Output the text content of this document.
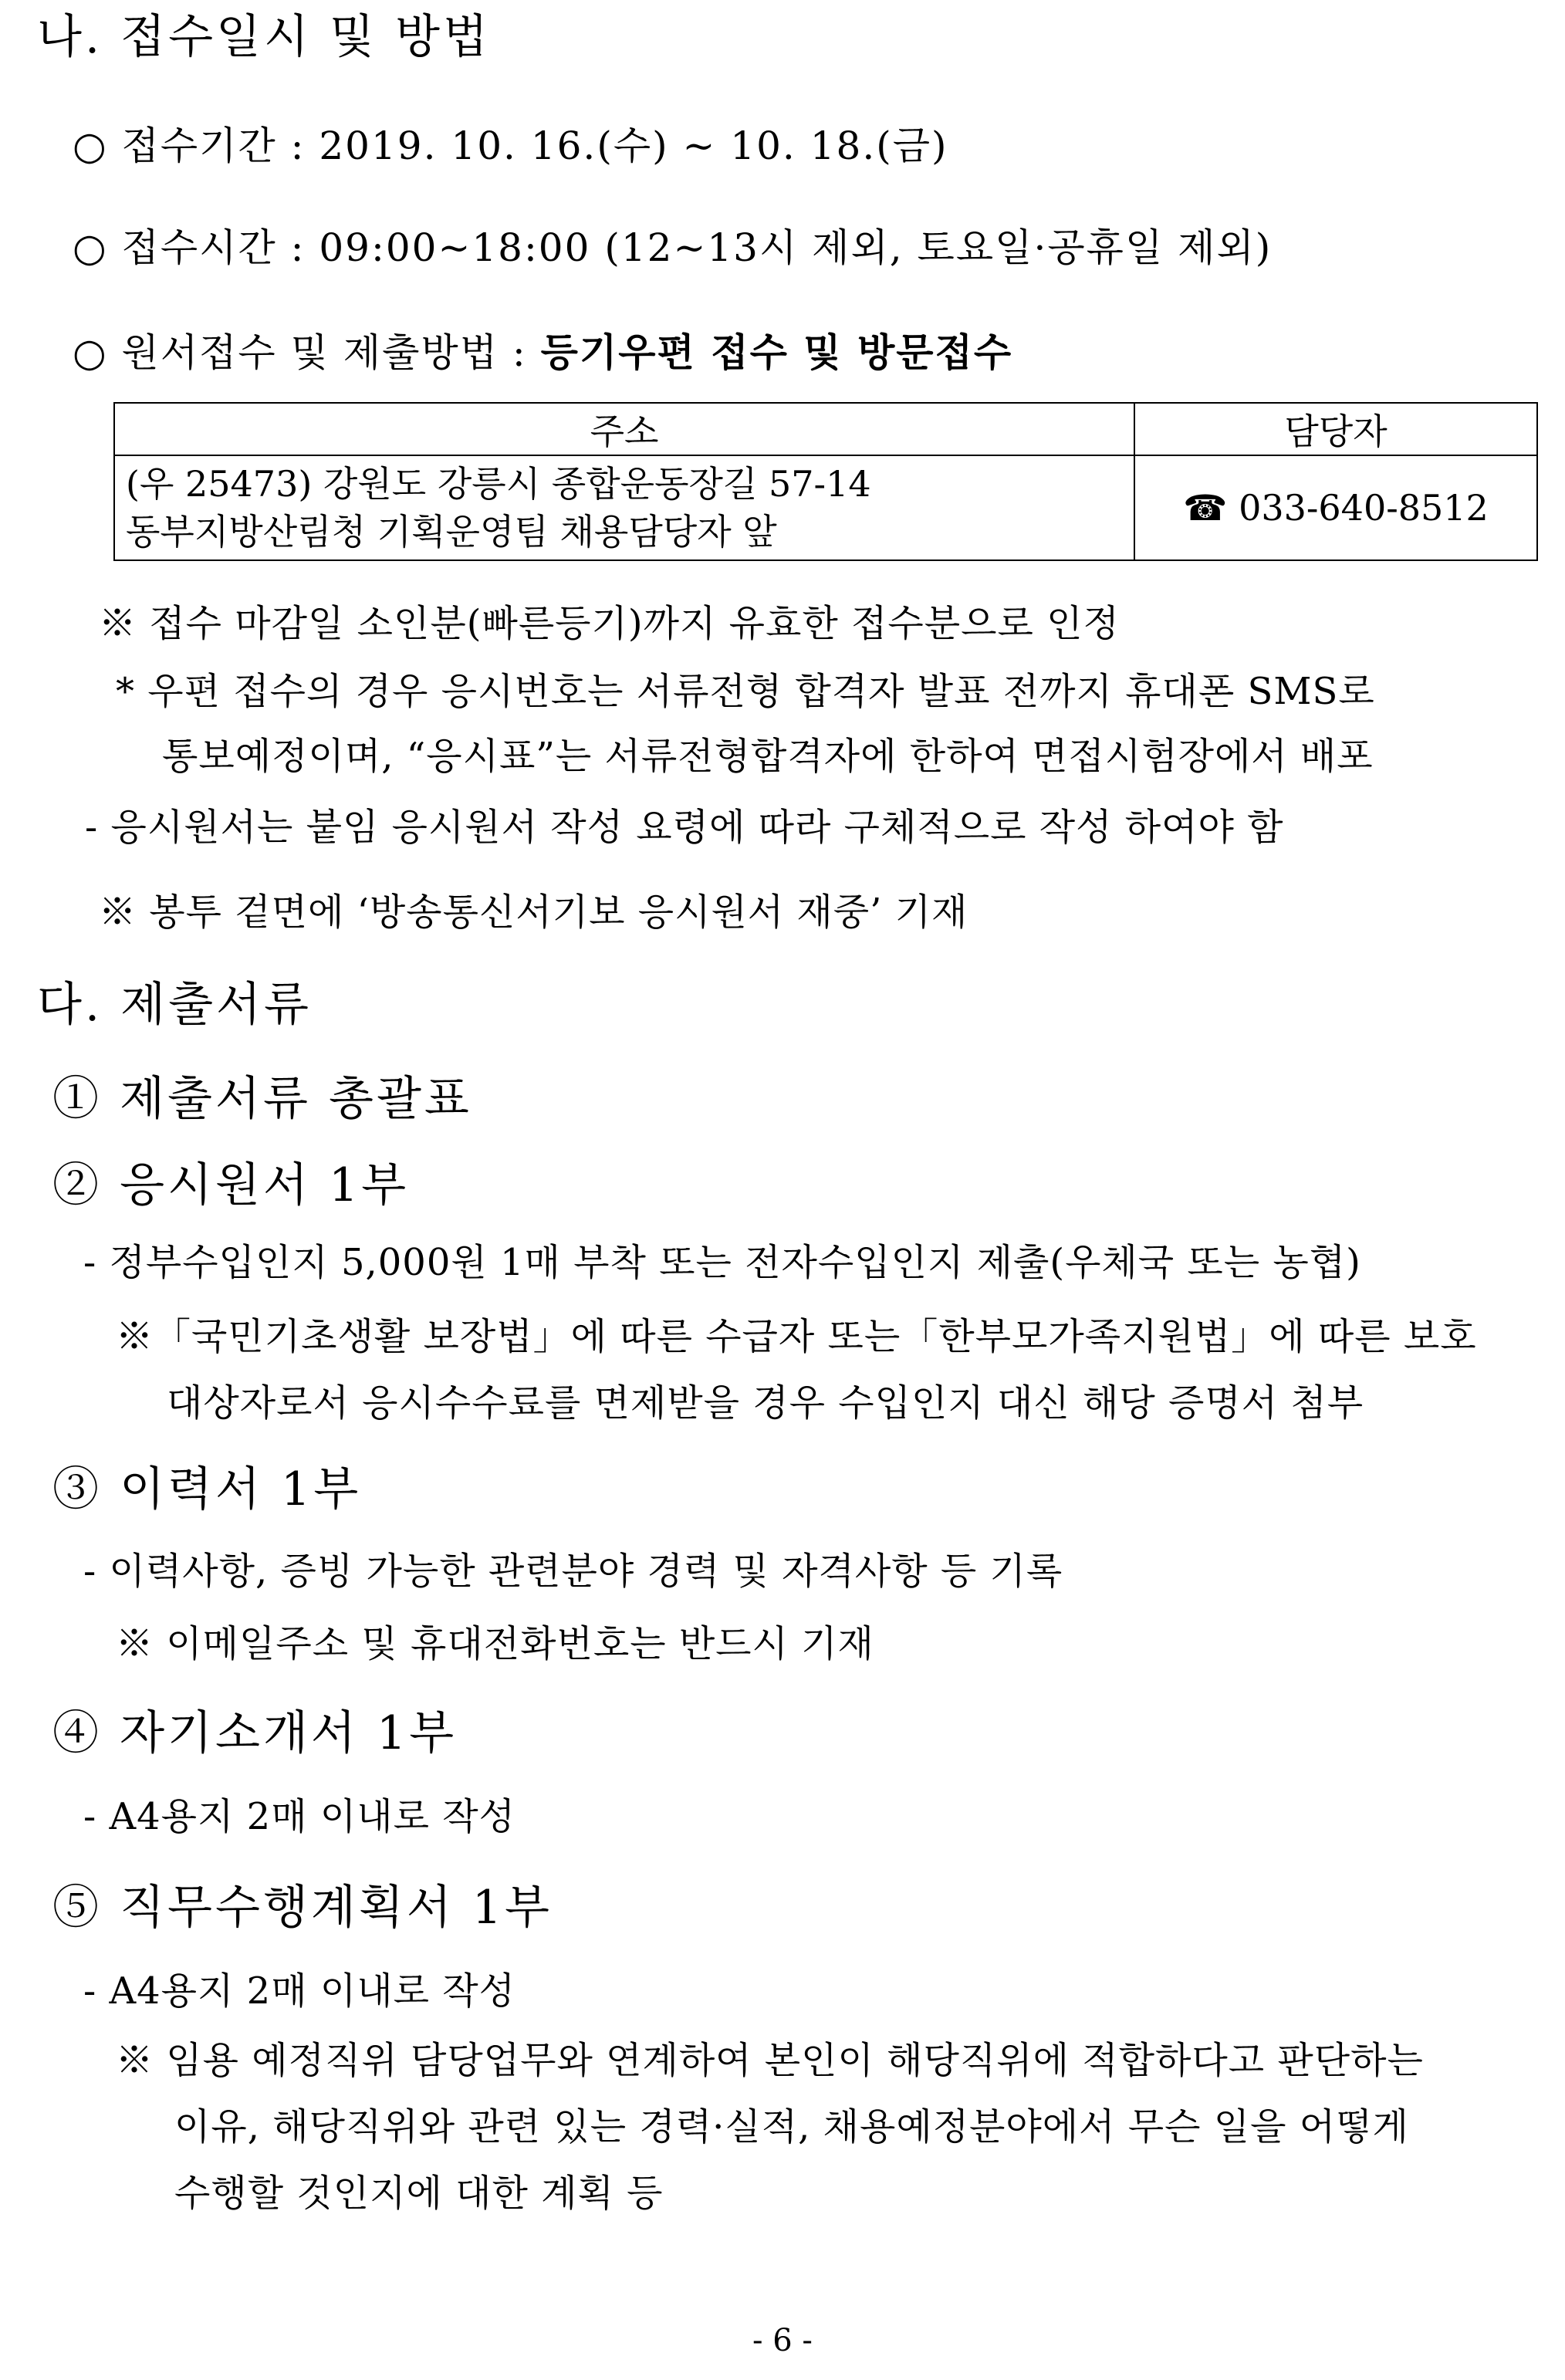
나. 접수일시 및 방법
○ 접수기간 : 2019. 10. 16.(수) ~ 10. 18.(금)
○ 접수시간 : 09:00~18:00 (12~13시 제외, 토요일·공휴일 제외)
○ 원서접수 및 제출방법 : 등기우편 접수 및 방문접수
주소	담당자

(우 25473) 강원도 강릉시 종합운동장길 57-14
동부지방산림청 기획운영팀 채용담당자 앞	☎ 033-640-8512
※ 접수 마감일 소인분(빠른등기)까지 유효한 접수분으로 인정
* 우편 접수의 경우 응시번호는 서류전형 합격자 발표 전까지 휴대폰 SMS로
통보예정이며, “응시표”는 서류전형합격자에 한하여 면접시험장에서 배포
- 응시원서는 붙임 응시원서 작성 요령에 따라 구체적으로 작성 하여야 함
※ 봉투 겉면에 ‘방송통신서기보 응시원서 재중’ 기재
다. 제출서류
① 제출서류 총괄표
② 응시원서 1부
- 정부수입인지 5,000원 1매 부착 또는 전자수입인지 제출(우체국 또는 농협)
※「국민기초생활 보장법」에 따른 수급자 또는「한부모가족지원법」에 따른 보호
대상자로서 응시수수료를 면제받을 경우 수입인지 대신 해당 증명서 첨부
③ 이력서 1부
- 이력사항, 증빙 가능한 관련분야 경력 및 자격사항 등 기록
※ 이메일주소 및 휴대전화번호는 반드시 기재
④ 자기소개서 1부
- A4용지 2매 이내로 작성
⑤ 직무수행계획서 1부
- A4용지 2매 이내로 작성
※ 임용 예정직위 담당업무와 연계하여 본인이 해당직위에 적합하다고 판단하는
이유, 해당직위와 관련 있는 경력·실적, 채용예정분야에서 무슨 일을 어떻게
수행할 것인지에 대한 계획 등
- 6 -
